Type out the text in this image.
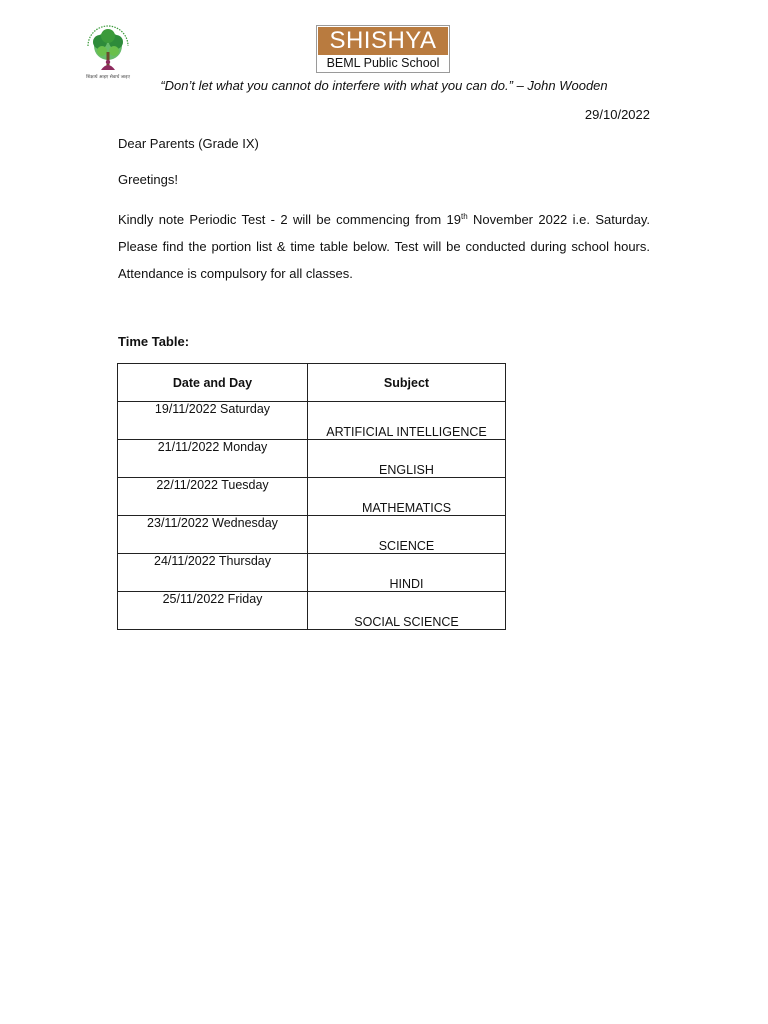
शिक्षार्थ आइए सेवार्थ जाइए
SHISHYA
BEML Public School
“Don’t let what you cannot do interfere with what you can do.” – John Wooden
29/10/2022
Dear Parents (Grade IX)
Greetings!
Kindly note Periodic Test - 2 will be commencing from 19th November 2022 i.e. Saturday.
Please find the portion list & time table below. Test will be conducted during school hours.
Attendance is compulsory for all classes.
Time Table:
Date and Day	Subject
19/11/2022 Saturday	ARTIFICIAL INTELLIGENCE
21/11/2022 Monday	ENGLISH
22/11/2022 Tuesday	MATHEMATICS
23/11/2022 Wednesday	SCIENCE
24/11/2022 Thursday	HINDI
25/11/2022 Friday	SOCIAL SCIENCE
